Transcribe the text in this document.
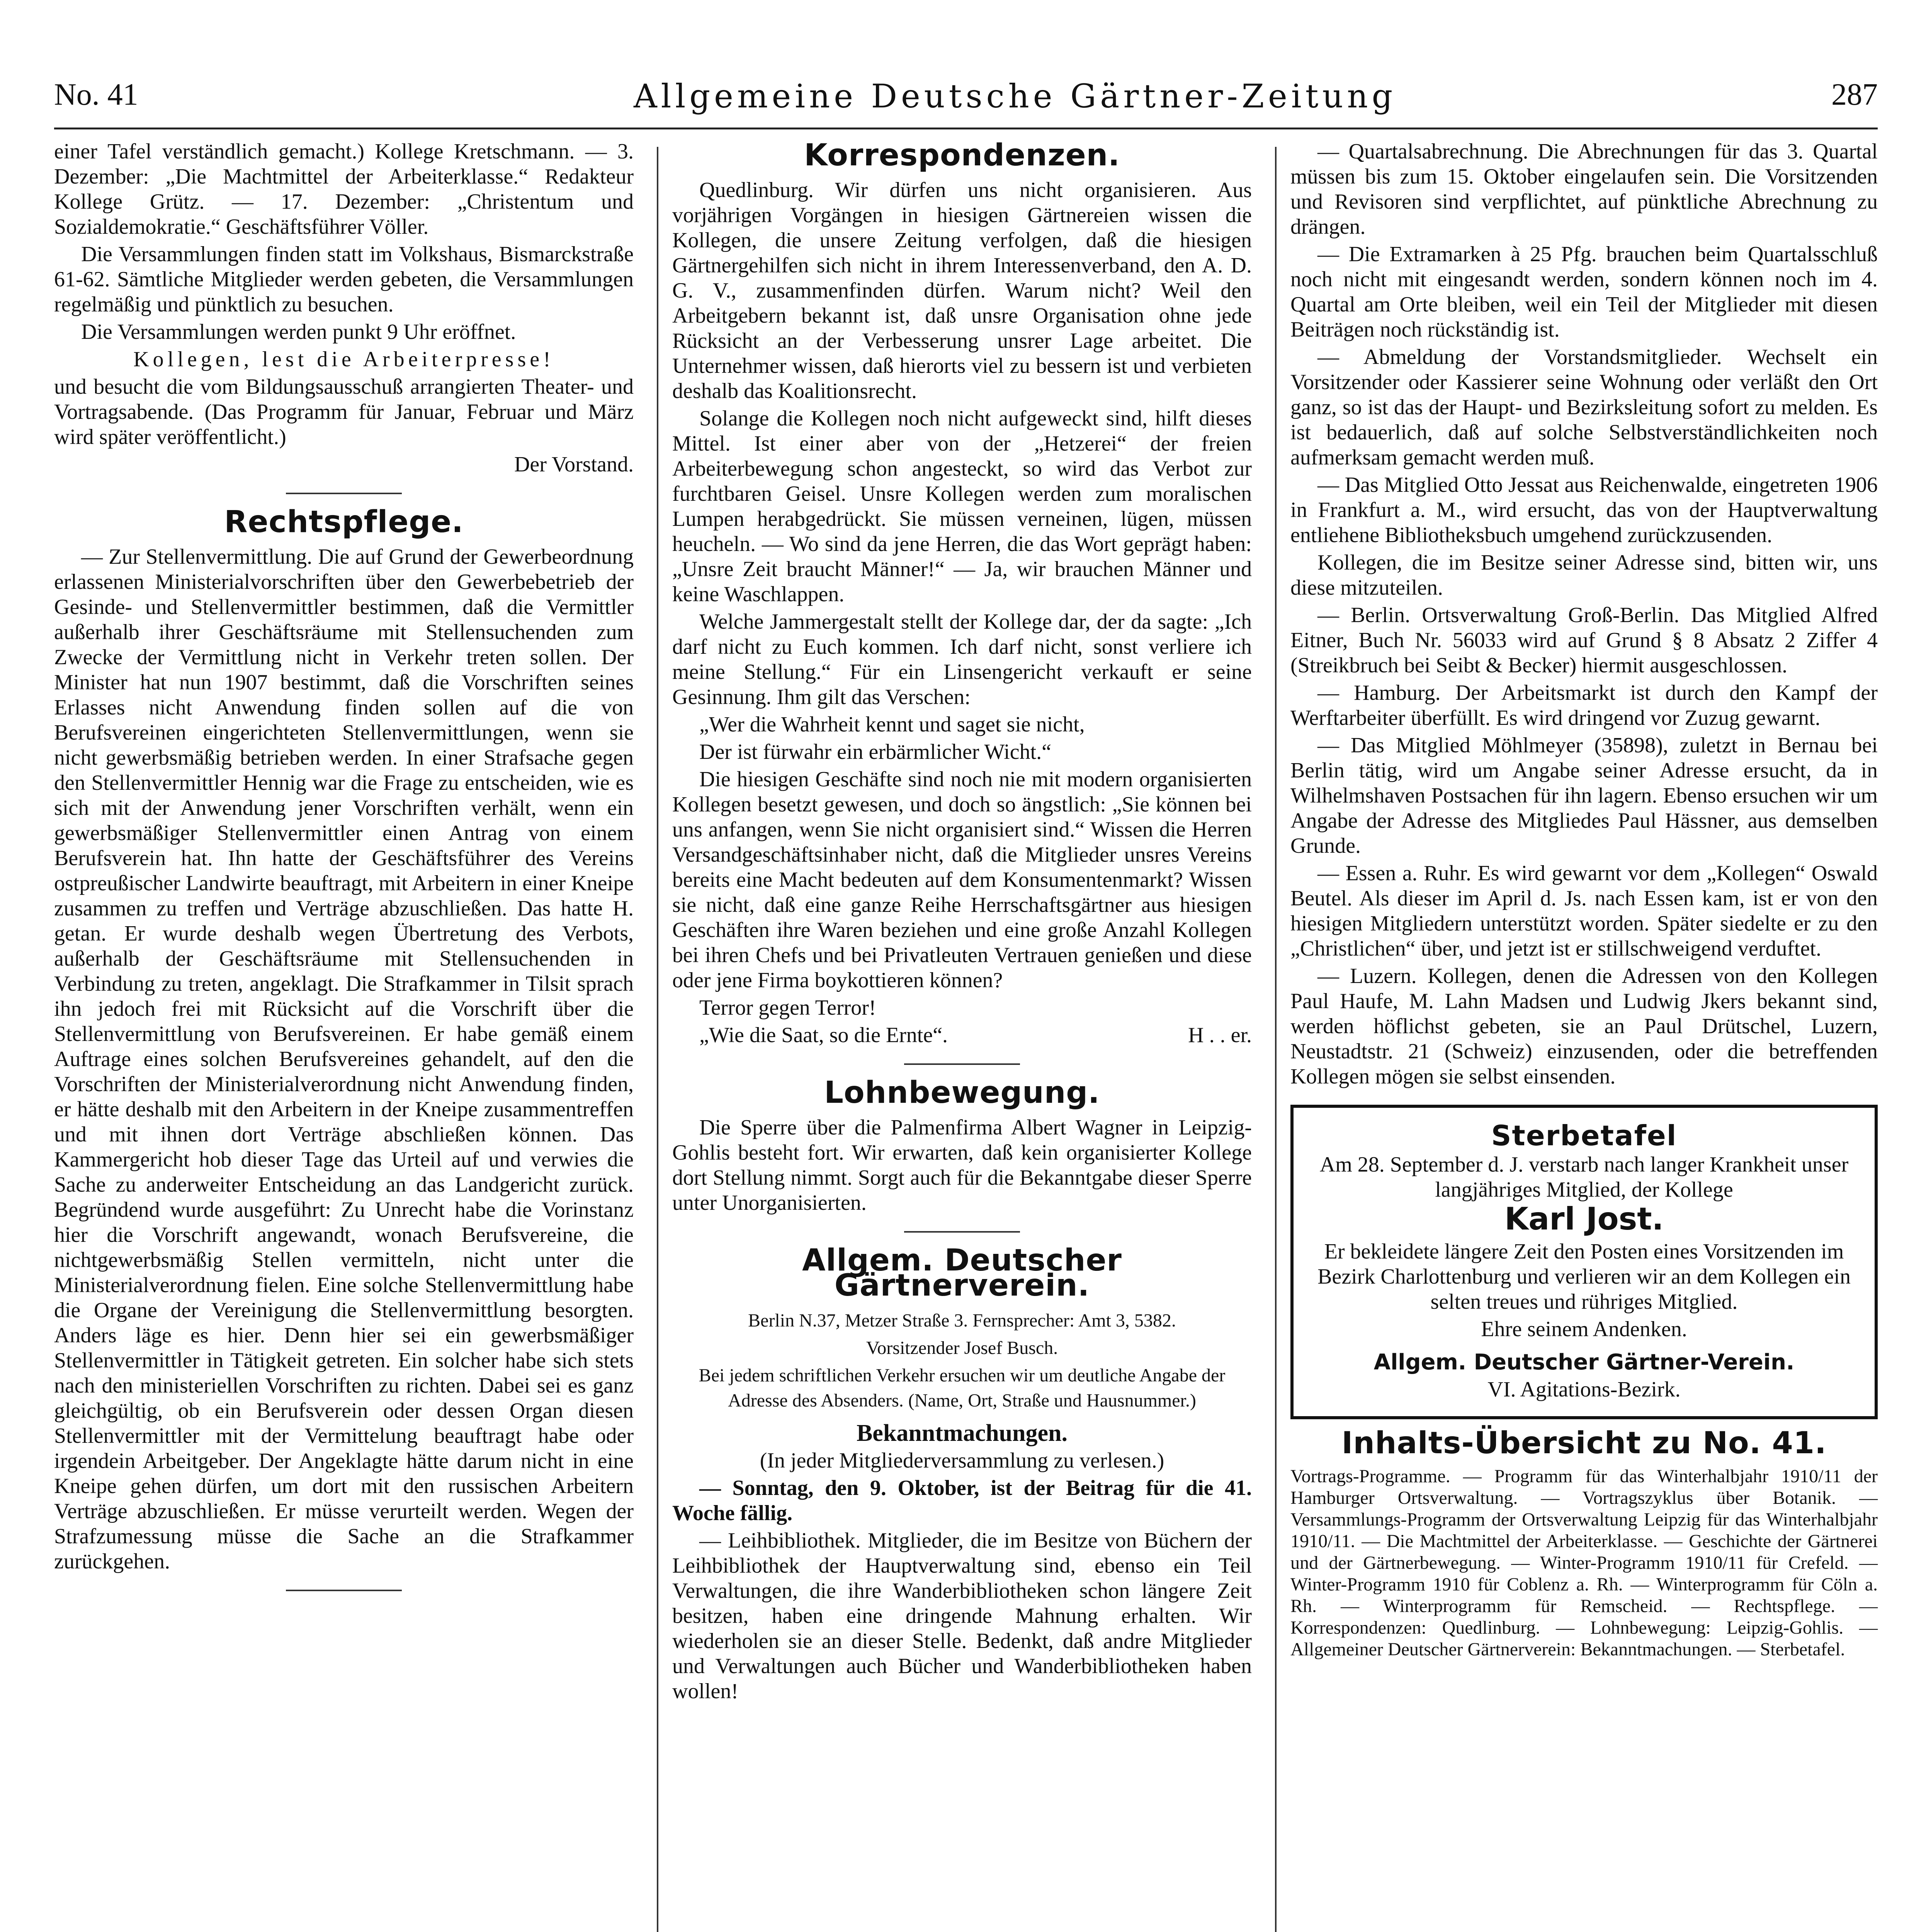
No. 41	Allgemeine Deutsche Gärtner-Zeitung	287

einer Tafel verständlich gemacht.) Kollege Kretschmann. — 3. Dezember: „Die Machtmittel der Arbeiterklasse.“ Redakteur Kollege Grütz. — 17. Dezember: „Christentum und Sozialdemokratie.“ Geschäftsführer Völler.

Die Versammlungen finden statt im Volkshaus, Bismarckstraße 61-62. Sämtliche Mitglieder werden gebeten, die Versammlungen regelmäßig und pünktlich zu besuchen.

Die Versammlungen werden punkt 9 Uhr eröffnet.

Kollegen, lest die Arbeiterpresse!

und besucht die vom Bildungsausschuß arrangierten Theater- und Vortragsabende. (Das Programm für Januar, Februar und März wird später veröffentlicht.)

Der Vorstand.

Rechtspflege.

— Zur Stellenvermittlung. Die auf Grund der Gewerbeordnung erlassenen Ministerialvorschriften über den Gewerbebetrieb der Gesinde- und Stellenvermittler bestimmen, daß die Vermittler außerhalb ihrer Geschäftsräume mit Stellensuchenden zum Zwecke der Vermittlung nicht in Verkehr treten sollen. Der Minister hat nun 1907 bestimmt, daß die Vorschriften seines Erlasses nicht Anwendung finden sollen auf die von Berufsvereinen eingerichteten Stellenvermittlungen, wenn sie nicht gewerbsmäßig betrieben werden. In einer Strafsache gegen den Stellenvermittler Hennig war die Frage zu entscheiden, wie es sich mit der Anwendung jener Vorschriften verhält, wenn ein gewerbsmäßiger Stellenvermittler einen Antrag von einem Berufsverein hat. Ihn hatte der Geschäftsführer des Vereins ostpreußischer Landwirte beauftragt, mit Arbeitern in einer Kneipe zusammen zu treffen und Verträge abzuschließen. Das hatte H. getan. Er wurde deshalb wegen Übertretung des Verbots, außerhalb der Geschäftsräume mit Stellensuchenden in Verbindung zu treten, angeklagt. Die Strafkammer in Tilsit sprach ihn jedoch frei mit Rücksicht auf die Vorschrift über die Stellenvermittlung von Berufsvereinen. Er habe gemäß einem Auftrage eines solchen Berufsvereines gehandelt, auf den die Vorschriften der Ministerialverordnung nicht Anwendung finden, er hätte deshalb mit den Arbeitern in der Kneipe zusammentreffen und mit ihnen dort Verträge abschließen können. Das Kammergericht hob dieser Tage das Urteil auf und verwies die Sache zu anderweiter Entscheidung an das Landgericht zurück. Begründend wurde ausgeführt: Zu Unrecht habe die Vorinstanz hier die Vorschrift angewandt, wonach Berufsvereine, die nichtgewerbsmäßig Stellen vermitteln, nicht unter die Ministerialverordnung fielen. Eine solche Stellenvermittlung habe die Organe der Vereinigung die Stellenvermittlung besorgten. Anders läge es hier. Denn hier sei ein gewerbsmäßiger Stellenvermittler in Tätigkeit getreten. Ein solcher habe sich stets nach den ministeriellen Vorschriften zu richten. Dabei sei es ganz gleichgültig, ob ein Berufsverein oder dessen Organ diesen Stellenvermittler mit der Vermittelung beauftragt habe oder irgendein Arbeitgeber. Der Angeklagte hätte darum nicht in eine Kneipe gehen dürfen, um dort mit den russischen Arbeitern Verträge abzuschließen. Er müsse verurteilt werden. Wegen der Strafzumessung müsse die Sache an die Strafkammer zurückgehen.

Korrespondenzen.

Quedlinburg. Wir dürfen uns nicht organisieren. Aus vorjährigen Vorgängen in hiesigen Gärtnereien wissen die Kollegen, die unsere Zeitung verfolgen, daß die hiesigen Gärtnergehilfen sich nicht in ihrem Interessenverband, den A. D. G. V., zusammenfinden dürfen. Warum nicht? Weil den Arbeitgebern bekannt ist, daß unsre Organisation ohne jede Rücksicht an der Verbesserung unsrer Lage arbeitet. Die Unternehmer wissen, daß hierorts viel zu bessern ist und verbieten deshalb das Koalitionsrecht.

Solange die Kollegen noch nicht aufgeweckt sind, hilft dieses Mittel. Ist einer aber von der „Hetzerei“ der freien Arbeiterbewegung schon angesteckt, so wird das Verbot zur furchtbaren Geisel. Unsre Kollegen werden zum moralischen Lumpen herabgedrückt. Sie müssen verneinen, lügen, müssen heucheln. — Wo sind da jene Herren, die das Wort geprägt haben: „Unsre Zeit braucht Männer!“ — Ja, wir brauchen Männer und keine Waschlappen.

Welche Jammergestalt stellt der Kollege dar, der da sagte: „Ich darf nicht zu Euch kommen. Ich darf nicht, sonst verliere ich meine Stellung.“ Für ein Linsengericht verkauft er seine Gesinnung. Ihm gilt das Verschen:

„Wer die Wahrheit kennt und saget sie nicht,

Der ist fürwahr ein erbärmlicher Wicht.“

Die hiesigen Geschäfte sind noch nie mit modern organisierten Kollegen besetzt gewesen, und doch so ängstlich: „Sie können bei uns anfangen, wenn Sie nicht organisiert sind.“ Wissen die Herren Versandgeschäftsinhaber nicht, daß die Mitglieder unsres Vereins bereits eine Macht bedeuten auf dem Konsumentenmarkt? Wissen sie nicht, daß eine ganze Reihe Herrschaftsgärtner aus hiesigen Geschäften ihre Waren beziehen und eine große Anzahl Kollegen bei ihren Chefs und bei Privatleuten Vertrauen genießen und diese oder jene Firma boykottieren können?

Terror gegen Terror!

„Wie die Saat, so die Ernte“.	H . . er.

Lohnbewegung.

Die Sperre über die Palmenfirma Albert Wagner in Leipzig-Gohlis besteht fort. Wir erwarten, daß kein organisierter Kollege dort Stellung nimmt. Sorgt auch für die Bekanntgabe dieser Sperre unter Unorganisierten.

Allgem. Deutscher Gärtnerverein.

Berlin N.37, Metzer Straße 3. Fernsprecher: Amt 3, 5382.

Vorsitzender Josef Busch.

Bei jedem schriftlichen Verkehr ersuchen wir um deutliche Angabe der Adresse des Absenders. (Name, Ort, Straße und Hausnummer.)

Bekanntmachungen.

(In jeder Mitgliederversammlung zu verlesen.)

— Sonntag, den 9. Oktober, ist der Beitrag für die 41. Woche fällig.

— Leihbibliothek. Mitglieder, die im Besitze von Büchern der Leihbibliothek der Hauptverwaltung sind, ebenso ein Teil Verwaltungen, die ihre Wanderbibliotheken schon längere Zeit besitzen, haben eine dringende Mahnung erhalten. Wir wiederholen sie an dieser Stelle. Bedenkt, daß andre Mitglieder und Verwaltungen auch Bücher und Wanderbibliotheken haben wollen!

— Quartalsabrechnung. Die Abrechnungen für das 3. Quartal müssen bis zum 15. Oktober eingelaufen sein. Die Vorsitzenden und Revisoren sind verpflichtet, auf pünktliche Abrechnung zu drängen.

— Die Extramarken à 25 Pfg. brauchen beim Quartalsschluß noch nicht mit eingesandt werden, sondern können noch im 4. Quartal am Orte bleiben, weil ein Teil der Mitglieder mit diesen Beiträgen noch rückständig ist.

— Abmeldung der Vorstandsmitglieder. Wechselt ein Vorsitzender oder Kassierer seine Wohnung oder verläßt den Ort ganz, so ist das der Haupt- und Bezirksleitung sofort zu melden. Es ist bedauerlich, daß auf solche Selbstverständlichkeiten noch aufmerksam gemacht werden muß.

— Das Mitglied Otto Jessat aus Reichenwalde, eingetreten 1906 in Frankfurt a. M., wird ersucht, das von der Hauptverwaltung entliehene Bibliotheksbuch umgehend zurückzusenden.

Kollegen, die im Besitze seiner Adresse sind, bitten wir, uns diese mitzuteilen.

— Berlin. Ortsverwaltung Groß-Berlin. Das Mitglied Alfred Eitner, Buch Nr. 56033 wird auf Grund § 8 Absatz 2 Ziffer 4 (Streikbruch bei Seibt & Becker) hiermit ausgeschlossen.

— Hamburg. Der Arbeitsmarkt ist durch den Kampf der Werftarbeiter überfüllt. Es wird dringend vor Zuzug gewarnt.

— Das Mitglied Möhlmeyer (35898), zuletzt in Bernau bei Berlin tätig, wird um Angabe seiner Adresse ersucht, da in Wilhelmshaven Postsachen für ihn lagern. Ebenso ersuchen wir um Angabe der Adresse des Mitgliedes Paul Hässner, aus demselben Grunde.

— Essen a. Ruhr. Es wird gewarnt vor dem „Kollegen“ Oswald Beutel. Als dieser im April d. Js. nach Essen kam, ist er von den hiesigen Mitgliedern unterstützt worden. Später siedelte er zu den „Christlichen“ über, und jetzt ist er stillschweigend verduftet.

— Luzern. Kollegen, denen die Adressen von den Kollegen Paul Haufe, M. Lahn Madsen und Ludwig Jkers bekannt sind, werden höflichst gebeten, sie an Paul Drütschel, Luzern, Neustadtstr. 21 (Schweiz) einzusenden, oder die betreffenden Kollegen mögen sie selbst einsenden.

Sterbetafel

Am 28. September d. J. verstarb nach langer Krankheit unser langjähriges Mitglied, der Kollege

Karl Jost.

Er bekleidete längere Zeit den Posten eines Vorsitzenden im Bezirk Charlottenburg und verlieren wir an dem Kollegen ein selten treues und rühriges Mitglied.

Ehre seinem Andenken.

Allgem. Deutscher Gärtner-Verein.

VI. Agitations-Bezirk.

Inhalts-Übersicht zu No. 41.

Vortrags-Programme. — Programm für das Winterhalbjahr 1910/11 der Hamburger Ortsverwaltung. — Vortragszyklus über Botanik. — Versammlungs-Programm der Ortsverwaltung Leipzig für das Winterhalbjahr 1910/11. — Die Machtmittel der Arbeiterklasse. — Geschichte der Gärtnerei und der Gärtnerbewegung. — Winter-Programm 1910/11 für Crefeld. — Winter-Programm 1910 für Coblenz a. Rh. — Winterprogramm für Cöln a. Rh. — Winterprogramm für Remscheid. — Rechtspflege. — Korrespondenzen: Quedlinburg. — Lohnbewegung: Leipzig-Gohlis. — Allgemeiner Deutscher Gärtnerverein: Bekanntmachungen. — Sterbetafel.
